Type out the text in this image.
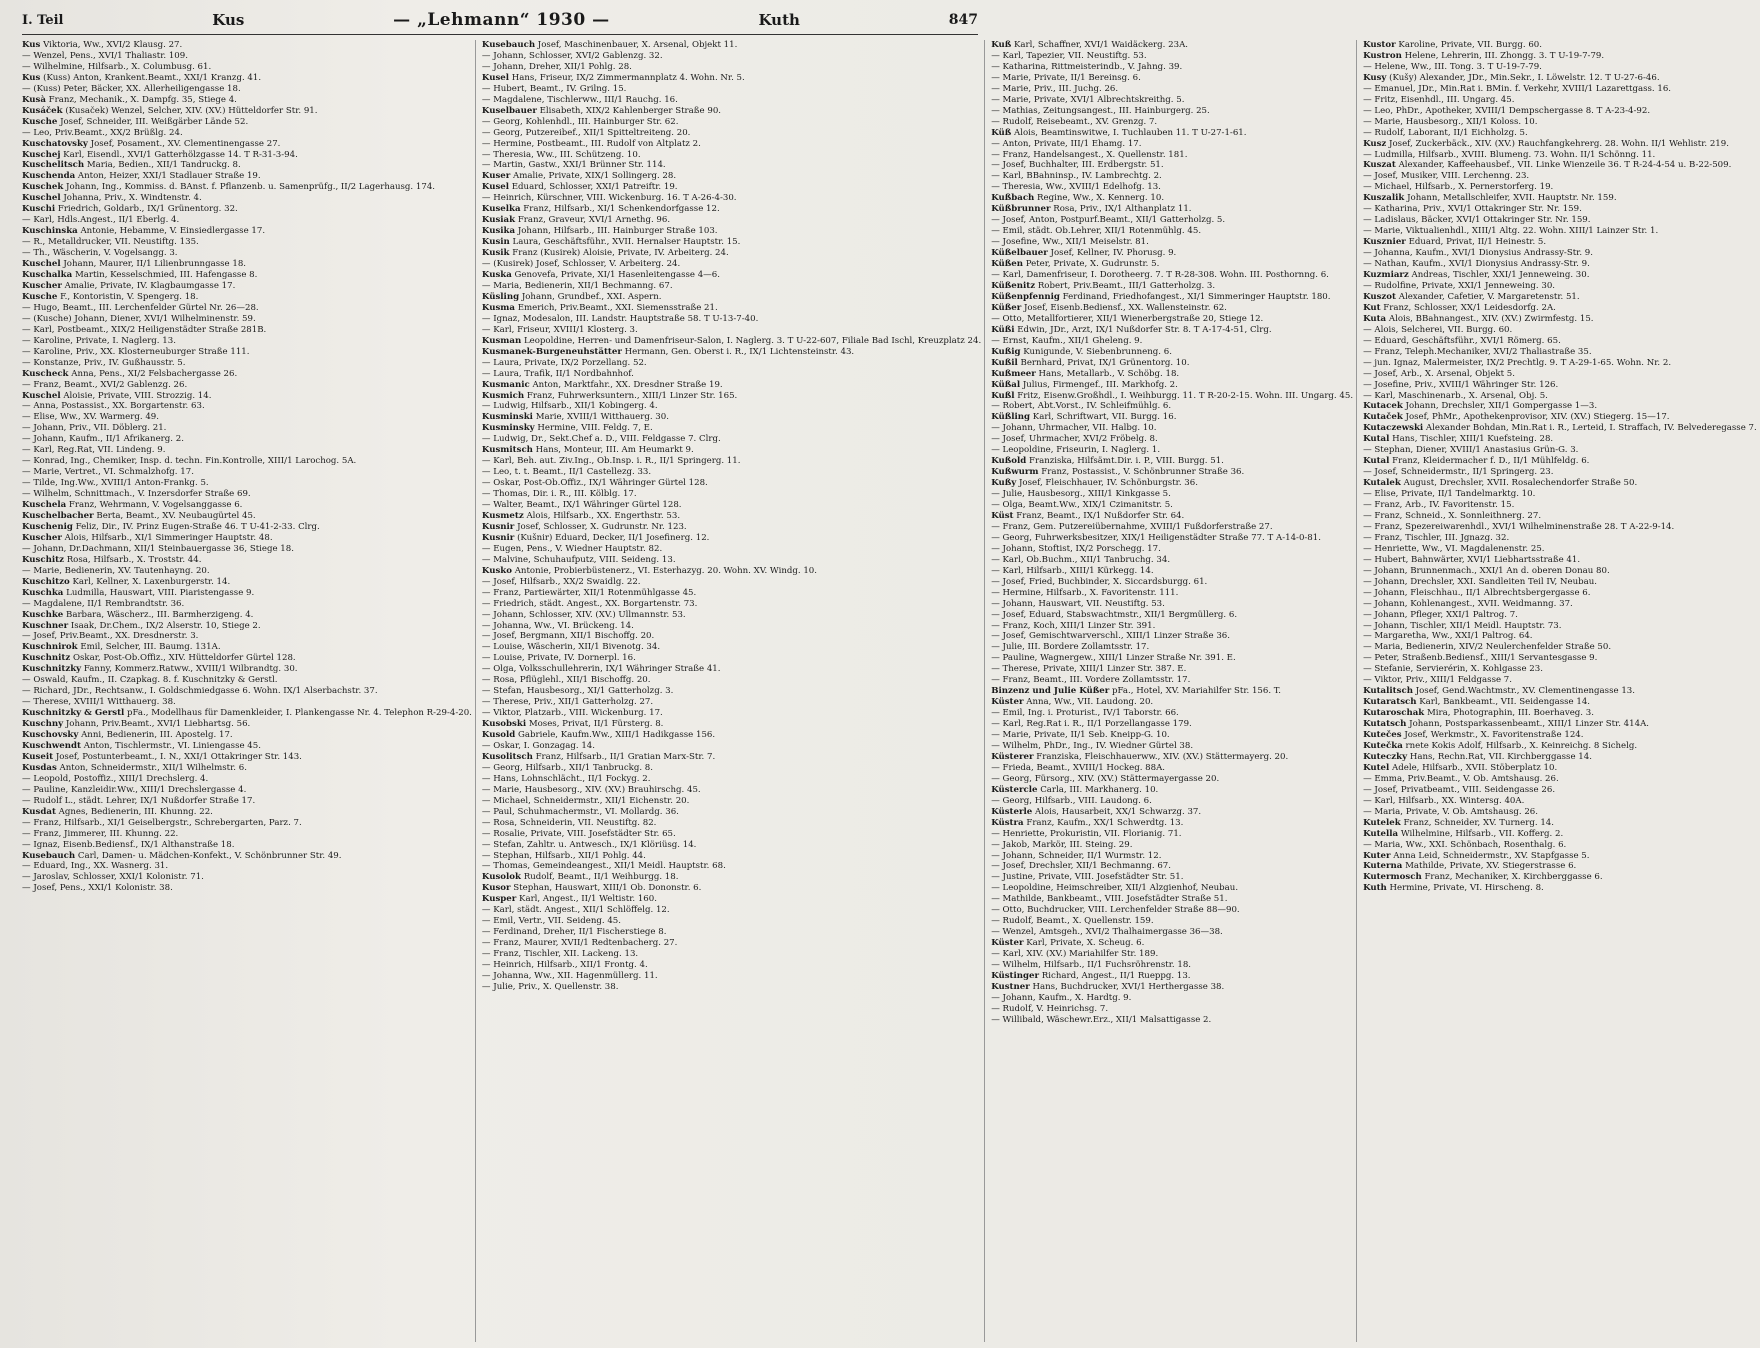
I. Teil	Kus	— „Lehmann“ 1930 —	Kuth	847
Kus Viktoria, Ww., XVI/2 Klausg. 27.
— Wenzel, Pens., XVI/1 Thaliastr. 109.
— Wilhelmine, Hilfsarb., X. Columbusg. 61.
Kus (Kuss) Anton, Krankent.Beamt., XXI/1 Kranzg. 41.
— (Kuss) Peter, Bäcker, XX. Allerheiligengasse 18.
Kusà Franz, Mechanik., X. Dampfg. 35, Stiege 4.
Kusáček (Kusaček) Wenzel, Selcher, XIV. (XV.) Hütteldorfer Str. 91.
Kusche Josef, Schneider, III. Weißgärber Lände 52.
— Leo, Priv.Beamt., XX/2 Brüßlg. 24.
Kuschatovsky Josef, Posament., XV. Clementinengasse 27.
Kuschej Karl, Eisendl., XVI/1 Gatterhölzgasse 14. T R-31-3-94.
Kuschelitsch Maria, Bedien., XII/1 Tandruckg. 8.
Kuschenda Anton, Heizer, XXI/1 Stadlauer Straße 19.
Kuschek Johann, Ing., Kommiss. d. BAnst. f. Pflanzenb. u. Samenprüfg., II/2 Lagerhausg. 174.
Kuschel Johanna, Priv., X. Windtenstr. 4.
Kuschi Friedrich, Goldarb., IX/1 Grünentorg. 32.
— Karl, Hdls.Angest., II/1 Eberlg. 4.
Kuschinska Antonie, Hebamme, V. Einsiedlergasse 17.
— R., Metalldrucker, VII. Neustiftg. 135.
— Th., Wäscherin, V. Vogelsangg. 3.
Kuschel Johann, Maurer, II/1 Lilienbrunngasse 18.
Kuschalka Martin, Kesselschmied, III. Hafengasse 8.
Kuscher Amalie, Private, IV. Klagbaumgasse 17.
Kusche F., Kontoristin, V. Spengerg. 18.
— Hugo, Beamt., III. Lerchenfelder Gürtel Nr. 26—28.
— (Kusche) Johann, Diener, XVI/1 Wilhelminenstr. 59.
— Karl, Postbeamt., XIX/2 Heiligenstädter Straße 281B.
— Karoline, Private, I. Naglerg. 13.
— Karoline, Priv., XX. Klosterneuburger Straße 111.
— Konstanze, Priv., IV. Gußhausstr. 5.
Kuscheck Anna, Pens., XI/2 Felsbachergasse 26.
— Franz, Beamt., XVI/2 Gablenzg. 26.
Kuschel Aloisie, Private, VIII. Strozzig. 14.
— Anna, Postassist., XX. Borgartenstr. 63.
— Elise, Ww., XV. Warmerg. 49.
— Johann, Priv., VII. Döblerg. 21.
— Johann, Kaufm., II/1 Afrikanerg. 2.
— Karl, Reg.Rat, VII. Lindeng. 9.
— Konrad, Ing., Chemiker, Insp. d. techn. Fin.Kontrolle, XIII/1 Larochog. 5A.
— Marie, Vertret., VI. Schmalzhofg. 17.
— Tilde, Ing.Ww., XVIII/1 Anton-Frankg. 5.
— Wilhelm, Schnittmach., V. Inzersdorfer Straße 69.
Kuschela Franz, Wehrmann, V. Vogelsanggasse 6.
Kuschelbacher Berta, Beamt., XV. Neubaugürtel 45.
Kuschenig Feliz, Dir., IV. Prinz Eugen-Straße 46. T U-41-2-33. Clrg.
Kuscher Alois, Hilfsarb., XI/1 Simmeringer Hauptstr. 48.
— Johann, Dr.Dachmann, XII/1 Steinbauergasse 36, Stiege 18.
Kuschitz Rosa, Hilfsarb., X. Troststr. 44.
— Marie, Bedienerin, XV. Tautenhayng. 20.
Kuschitzo Karl, Kellner, X. Laxenburgerstr. 14.
Kuschka Ludmilla, Hauswart, VIII. Piaristengasse 9.
— Magdalene, II/1 Rembrandtstr. 36.
Kuschke Barbara, Wäscherz., III. Barmherzigeng. 4.
Kuschner Isaak, Dr.Chem., IX/2 Alserstr. 10, Stiege 2.
— Josef, Priv.Beamt., XX. Dresdnerstr. 3.
Kuschnirok Emil, Selcher, III. Baumg. 131A.
Kuschnitz Oskar, Post-Ob.Offiz., XIV. Hütteldorfer Gürtel 128.
Kuschnitzky Fanny, Kommerz.Ratww., XVIII/1 Wilbrandtg. 30.
— Oswald, Kaufm., II. Czapkag. 8. f. Kuschnitzky & Gerstl.
— Richard, JDr., Rechtsanw., I. Goldschmiedgasse 6. Wohn. IX/1 Alserbachstr. 37.
— Therese, XVIII/1 Witthauerg. 38.
Kuschnitzky & Gerstl pFa., Modellhaus für Damenkleider, I. Plankengasse Nr. 4. Telephon R-29-4-20.
Kuschny Johann, Priv.Beamt., XVI/1 Liebhartsg. 56.
Kuschovsky Anni, Bedienerin, III. Apostelg. 17.
Kuschwendt Anton, Tischlermstr., VI. Liniengasse 45.
Kuseit Josef, Postunterbeamt., I. N., XXI/1 Ottakringer Str. 143.
Kusdas Anton, Schneidermstr., XII/1 Wilhelmstr. 6.
— Leopold, Postoffiz., XIII/1 Drechslerg. 4.
— Pauline, Kanzleidir.Ww., XIII/1 Drechslergasse 4.
— Rudolf L., städt. Lehrer, IX/1 Nußdorfer Straße 17.
Kusdat Agnes, Bedienerin, III. Khunng. 22.
— Franz, Hilfsarb., XI/1 Geiselbergstr., Schrebergarten, Parz. 7.
— Franz, Jimmerer, III. Khunng. 22.
— Ignaz, Eisenb.Bediensf., IX/1 Althanstraße 18.
Kusebauch Carl, Damen- u. Mädchen-Konfekt., V. Schönbrunner Str. 49.
— Eduard, Ing., XX. Wasnerg. 31.
— Jaroslav, Schlosser, XXI/1 Kolonistr. 71.
— Josef, Pens., XXI/1 Kolonistr. 38.
Kusebauch Josef, Maschinenbauer, X. Arsenal, Objekt 11.
— Johann, Schlosser, XVI/2 Gablenzg. 32.
— Johann, Dreher, XII/1 Pohlg. 28.
Kusel Hans, Friseur, IX/2 Zimmermannplatz 4. Wohn. Nr. 5.
— Hubert, Beamt., IV. Grilng. 15.
— Magdalene, Tischlerww., III/1 Rauchg. 16.
Kuselbauer Elisabeth, XIX/2 Kahlenberger Straße 90.
— Georg, Kohlenhdl., III. Hainburger Str. 62.
— Georg, Putzereibef., XII/1 Spitteltreiteng. 20.
— Hermine, Postbeamt., III. Rudolf von Altplatz 2.
— Theresia, Ww., III. Schützeng. 10.
— Martin, Gastw., XXI/1 Brünner Str. 114.
Kuser Amalie, Private, XIX/1 Sollingerg. 28.
Kusel Eduard, Schlosser, XXI/1 Patreiftr. 19.
— Heinrich, Kürschner, VIII. Wickenburg. 16. T A-26-4-30.
Kuselka Franz, Hilfsarb., XI/1 Schenkendorfgasse 12.
Kusiak Franz, Graveur, XVI/1 Arnethg. 96.
Kusika Johann, Hilfsarb., III. Hainburger Straße 103.
Kusin Laura, Geschäftsführ., XVII. Hernalser Hauptstr. 15.
Kusik Franz (Kusirek) Aloisie, Private, IV. Arbeiterg. 24.
— (Kusirek) Josef, Schlosser, V. Arbeiterg. 24.
Kuska Genovefa, Private, XI/1 Hasenleitengasse 4—6.
— Maria, Bedienerin, XII/1 Bechmanng. 67.
Küsling Johann, Grundbef., XXI. Aspern.
Kusma Emerich, Priv.Beamt., XXI. Siemensstraße 21.
— Ignaz, Modesalon, III. Landstr. Hauptstraße 58. T U-13-7-40.
— Karl, Friseur, XVIII/1 Klosterg. 3.
Kusman Leopoldine, Herren- und Damenfriseur-Salon, I. Naglerg. 3. T U-22-607, Filiale Bad Ischl, Kreuzplatz 24.
Kusmanek-Burgeneuhstätter Hermann, Gen. Oberst i. R., IX/1 Lichtensteinstr. 43.
— Laura, Private, IX/2 Porzellang. 52.
— Laura, Trafik, II/1 Nordbahnhof.
Kusmanic Anton, Marktfahr., XX. Dresdner Straße 19.
Kusmich Franz, Fuhrwerksuntern., XIII/1 Linzer Str. 165.
— Ludwig, Hilfsarb., XII/1 Kobingerg. 4.
Kusminski Marie, XVIII/1 Witthauerg. 30.
Kusminsky Hermine, VIII. Feldg. 7, E.
— Ludwig, Dr., Sekt.Chef a. D., VIII. Feldgasse 7. Clrg.
Kusmitsch Hans, Monteur, III. Am Heumarkt 9.
— Karl, Beh. aut. Ziv.Ing., Ob.Insp. i. R., II/1 Springerg. 11.
— Leo, t. t. Beamt., II/1 Castellezg. 33.
— Oskar, Post-Ob.Offiz., IX/1 Währinger Gürtel 128.
— Thomas, Dir. i. R., III. Kölblg. 17.
— Walter, Beamt., IX/1 Währinger Gürtel 128.
Kusmetz Alois, Hilfsarb., XX. Engerthstr. 53.
Kusnir Josef, Schlosser, X. Gudrunstr. Nr. 123.
Kusnir (Kušnir) Eduard, Decker, II/1 Josefinerg. 12.
— Eugen, Pens., V. Wiedner Hauptstr. 82.
— Malvine, Schuhaufputz, VIII. Seideng. 13.
Kusko Antonie, Probierbüstenerz., VI. Esterhazyg. 20. Wohn. XV. Windg. 10.
— Josef, Hilfsarb., XX/2 Swaidlg. 22.
— Franz, Partiewärter, XII/1 Rotenmühlgasse 45.
— Friedrich, städt. Angest., XX. Borgartenstr. 73.
— Johann, Schlosser, XIV. (XV.) Ullmannstr. 53.
— Johanna, Ww., VI. Brückeng. 14.
— Josef, Bergmann, XII/1 Bischoffg. 20.
— Louise, Wäscherin, XII/1 Bivenotg. 34.
— Louise, Private, IV. Dornerpl. 16.
— Olga, Volksschullehrerin, IX/1 Währinger Straße 41.
— Rosa, Pflüglehl., XII/1 Bischoffg. 20.
— Stefan, Hausbesorg., XI/1 Gatterholzg. 3.
— Therese, Priv., XII/1 Gatterholzg. 27.
— Viktor, Platzarb., VIII. Wickenburg. 17.
Kusobski Moses, Privat, II/1 Fürsterg. 8.
Kusold Gabriele, Kaufm.Ww., XIII/1 Hadikgasse 156.
— Oskar, I. Gonzagag. 14.
Kusolitsch Franz, Hilfsarb., II/1 Gratian Marx-Str. 7.
— Georg, Hilfsarb., XII/1 Tanbruckg. 8.
— Hans, Lohnschlächt., II/1 Fockyg. 2.
— Marie, Hausbesorg., XIV. (XV.) Brauhirschg. 45.
— Michael, Schneidermstr., XII/1 Eichenstr. 20.
— Paul, Schuhmachermstr., VI. Mollardg. 36.
— Rosa, Schneiderin, VII. Neustiftg. 82.
— Rosalie, Private, VIII. Josefstädter Str. 65.
— Stefan, Zahltr. u. Antwesch., IX/1 Klöriüsg. 14.
— Stephan, Hilfsarb., XII/1 Pohlg. 44.
— Thomas, Gemeindeangest., XII/1 Meidl. Hauptstr. 68.
Kusolok Rudolf, Beamt., II/1 Weihburgg. 18.
Kusor Stephan, Hauswart, XIII/1 Ob. Dononstr. 6.
Kusper Karl, Angest., II/1 Weltistr. 160.
— Karl, städt. Angest., XII/1 Schlöffelg. 12.
— Emil, Vertr., VII. Seideng. 45.
— Ferdinand, Dreher, II/1 Fischerstiege 8.
— Franz, Maurer, XVII/1 Redtenbacherg. 27.
— Franz, Tischler, XII. Lackeng. 13.
— Heinrich, Hilfsarb., XII/1 Frontg. 4.
— Johanna, Ww., XII. Hagenmüllerg. 11.
— Julie, Priv., X. Quellenstr. 38.
Kuß Karl, Schaffner, XVI/1 Waidäckerg. 23A.
— Karl, Tapezier, VII. Neustiftg. 53.
— Katharina, Rittmeisterindb., V. Jahng. 39.
— Marie, Private, II/1 Bereinsg. 6.
— Marie, Priv., III. Juchg. 26.
— Marie, Private, XVI/1 Albrechtskreithg. 5.
— Mathias, Zeitungsangest., III. Hainburgerg. 25.
— Rudolf, Reisebeamt., XV. Grenzg. 7.
Küß Alois, Beamtinswitwe, I. Tuchlauben 11. T U-27-1-61.
— Anton, Private, III/1 Ehamg. 17.
— Franz, Handelsangest., X. Quellenstr. 181.
— Josef, Buchhalter, III. Erdbergstr. 51.
— Karl, BBahninsp., IV. Lambrechtg. 2.
— Theresia, Ww., XVIII/1 Edelhofg. 13.
Kußbach Regine, Ww., X. Kennerg. 10.
Küßbrunner Rosa, Priv., IX/1 Althanplatz 11.
— Josef, Anton, Postpurf.Beamt., XII/1 Gatterholzg. 5.
— Emil, städt. Ob.Lehrer, XII/1 Rotenmühlg. 45.
— Josefine, Ww., XII/1 Meiselstr. 81.
Küßelbauer Josef, Kellner, IV. Phorusg. 9.
Küßen Peter, Private, X. Gudrunstr. 5.
— Karl, Damenfriseur, I. Dorotheerg. 7. T R-28-308. Wohn. III. Posthornng. 6.
Küßenitz Robert, Priv.Beamt., III/1 Gatterholzg. 3.
Küßenpfennig Ferdinand, Friedhofangest., XI/1 Simmeringer Hauptstr. 180.
Küßer Josef, Eisenb.Bediensf., XX. Wallensteinstr. 62.
— Otto, Metallfortierer, XII/1 Wienerbergstraße 20, Stiege 12.
Küßi Edwin, JDr., Arzt, IX/1 Nußdorfer Str. 8. T A-17-4-51, Clrg.
— Ernst, Kaufm., XII/1 Gheleng. 9.
Kußig Kunigunde, V. Siebenbrunneng. 6.
Kußil Bernhard, Privat, IX/1 Grünentorg. 10.
Kußmeer Hans, Metallarb., V. Schöbg. 18.
Küßal Julius, Firmengef., III. Markhofg. 2.
Kußl Fritz, Eisenw.Großhdl., I. Weihburgg. 11. T R-20-2-15. Wohn. III. Ungarg. 45.
— Robert, Abt.Vorst., IV. Schleifmühlg. 6.
Küßling Karl, Schriftwart, VII. Burgg. 16.
— Johann, Uhrmacher, VII. Halbg. 10.
— Josef, Uhrmacher, XVI/2 Fröbelg. 8.
— Leopoldine, Friseurin, I. Naglerg. 1.
Kußold Franziska, Hilfsämt.Dir. i. P., VIII. Burgg. 51.
Kußwurm Franz, Postassist., V. Schönbrunner Straße 36.
Kußy Josef, Fleischhauer, IV. Schönburgstr. 36.
— Julie, Hausbesorg., XIII/1 Kinkgasse 5.
— Olga, Beamt.Ww., XIX/1 Czimanitstr. 5.
Küst Franz, Beamt., IX/1 Nußdorfer Str. 64.
— Franz, Gem. Putzereiübernahme, XVIII/1 Fußdorferstraße 27.
— Georg, Fuhrwerksbesitzer, XIX/1 Heiligenstädter Straße 77. T A-14-0-81.
— Johann, Stoftist, IX/2 Porschegg. 17.
— Karl, Ob.Buchm., XII/1 Tanbruchg. 34.
— Karl, Hilfsarb., XIII/1 Kürkegg. 14.
— Josef, Fried, Buchbinder, X. Siccardsburgg. 61.
— Hermine, Hilfsarb., X. Favoritenstr. 111.
— Johann, Hauswart, VII. Neustiftg. 53.
— Josef, Eduard, Stabswachtmstr., XII/1 Bergmüllerg. 6.
— Franz, Koch, XIII/1 Linzer Str. 391.
— Josef, Gemischtwarverschl., XIII/1 Linzer Straße 36.
— Julie, III. Bordere Zollamtsstr. 17.
— Pauline, Wagnergew., XIII/1 Linzer Straße Nr. 391. E.
— Therese, Private, XIII/1 Linzer Str. 387. E.
— Franz, Beamt., III. Vordere Zollamtsstr. 17.
Binzenz und Julie Küßer pFa., Hotel, XV. Mariahilfer Str. 156. T.
Küster Anna, Ww., VII. Laudong. 20.
— Emil, Ing. i. Proturist., IV/1 Taborstr. 66.
— Karl, Reg.Rat i. R., II/1 Porzellangasse 179.
— Marie, Private, II/1 Seb. Kneipp-G. 10.
— Wilhelm, PhDr., Ing., IV. Wiedner Gürtel 38.
Küsterer Franziska, Fleischhauerww., XIV. (XV.) Stättermayerg. 20.
— Frieda, Beamt., XVIII/1 Hockeg. 88A.
— Georg, Fürsorg., XIV. (XV.) Stättermayergasse 20.
Küstercle Carla, III. Markhanerg. 10.
— Georg, Hilfsarb., VIII. Laudong. 6.
Küsterle Alois, Hausarbeit, XX/1 Schwarzg. 37.
Küstra Franz, Kaufm., XX/1 Schwerdtg. 13.
— Henriette, Prokuristin, VII. Florianig. 71.
— Jakob, Markör, III. Steing. 29.
— Johann, Schneider, II/1 Wurmstr. 12.
— Josef, Drechsler, XII/1 Bechmanng. 67.
— Justine, Private, VIII. Josefstädter Str. 51.
— Leopoldine, Heimschreiber, XII/1 Alzgienhof, Neubau.
— Mathilde, Bankbeamt., VIII. Josefstädter Straße 51.
— Otto, Buchdrucker, VIII. Lerchenfelder Straße 88—90.
— Rudolf, Beamt., X. Quellenstr. 159.
— Wenzel, Amtsgeh., XVI/2 Thalhaimergasse 36—38.
Küster Karl, Private, X. Scheug. 6.
— Karl, XIV. (XV.) Mariahilfer Str. 189.
— Wilhelm, Hilfsarb., II/1 Fuchsröhrenstr. 18.
Küstinger Richard, Angest., II/1 Rueppg. 13.
Kustner Hans, Buchdrucker, XVI/1 Herthergasse 38.
— Johann, Kaufm., X. Hardtg. 9.
— Rudolf, V. Heinrichsg. 7.
— Willibald, Wäschewr.Erz., XII/1 Malsattigasse 2.
Kustor Karoline, Private, VII. Burgg. 60.
Kustron Helene, Lehrerin, III. Zhongg. 3. T U-19-7-79.
— Helene, Ww., III. Tong. 3. T U-19-7-79.
Kusy (Kušy) Alexander, JDr., Min.Sekr., I. Löwelstr. 12. T U-27-6-46.
— Emanuel, JDr., Min.Rat i. BMin. f. Verkehr, XVIII/1 Lazarettgass. 16.
— Fritz, Eisenhdl., III. Ungarg. 45.
— Leo, PhDr., Apotheker, XVIII/1 Dempschergasse 8. T A-23-4-92.
— Marie, Hausbesorg., XII/1 Koloss. 10.
— Rudolf, Laborant, II/1 Eichholzg. 5.
Kusz Josef, Zuckerbäck., XIV. (XV.) Rauchfangkehrerg. 28. Wohn. II/1 Wehlistr. 219.
— Ludmilla, Hilfsarb., XVIII. Blumeng. 73. Wohn. II/1 Schönng. 11.
Kuszat Alexander, Kaffeehausbef., VII. Linke Wienzeile 36. T R-24-4-54 u. B-22-509.
— Josef, Musiker, VIII. Lerchenng. 23.
— Michael, Hilfsarb., X. Pernerstorferg. 19.
Kuszalik Johann, Metallschleifer, XVII. Hauptstr. Nr. 159.
— Katharina, Priv., XVI/1 Ottakringer Str. Nr. 159.
— Ladislaus, Bäcker, XVI/1 Ottakringer Str. Nr. 159.
— Marie, Viktualienhdl., XIII/1 Altg. 22. Wohn. XIII/1 Lainzer Str. 1.
Kusznier Eduard, Privat, II/1 Heinestr. 5.
— Johanna, Kaufm., XVI/1 Dionysius Andrassy-Str. 9.
— Nathan, Kaufm., XVI/1 Dionysius Andrassy-Str. 9.
Kuzmiarz Andreas, Tischler, XXI/1 Jenneweing. 30.
— Rudolfine, Private, XXI/1 Jenneweing. 30.
Kuszot Alexander, Cafetier, V. Margaretenstr. 51.
Kut Franz, Schlosser, XX/1 Leidesdorfg. 2A.
Kuta Alois, BBahnangest., XIV. (XV.) Zwirmfestg. 15.
— Alois, Selcherei, VII. Burgg. 60.
— Eduard, Geschäftsführ., XVI/1 Römerg. 65.
— Franz, Teleph.Mechaniker, XVI/2 Thaliastraße 35.
— jun. Ignaz, Malermeister, IX/2 Prechtlg. 9. T A-29-1-65. Wohn. Nr. 2.
— Josef, Arb., X. Arsenal, Objekt 5.
— Josefine, Priv., XVIII/1 Währinger Str. 126.
— Karl, Maschinenarb., X. Arsenal, Obj. 5.
Kutacek Johann, Drechsler, XII/1 Gompergasse 1—3.
Kutaček Josef, PhMr., Apothekenprovisor, XIV. (XV.) Stiegerg. 15—17.
Kutaczewski Alexander Bohdan, Min.Rat i. R., Lerteid, I. Straffach, IV. Belvederegasse 7.
Kutal Hans, Tischler, XIII/1 Kuefsteing. 28.
— Stephan, Diener, XVIII/1 Anastasius Grün-G. 3.
Kutal Franz, Kleidermacher f. D., II/1 Mühlfeldg. 6.
— Josef, Schneidermstr., II/1 Springerg. 23.
Kutalek August, Drechsler, XVII. Rosalechendorfer Straße 50.
— Elise, Private, II/1 Tandelmarktg. 10.
— Franz, Arb., IV. Favoritenstr. 15.
— Franz, Schneid., X. Sonnleithnerg. 27.
— Franz, Spezereiwarenhdl., XVI/1 Wilhelminenstraße 28. T A-22-9-14.
— Franz, Tischler, III. Jgnazg. 32.
— Henriette, Ww., VI. Magdalenenstr. 25.
— Hubert, Bahnwärter, XVI/1 Liebhartsstraße 41.
— Johann, Brunnenmach., XXI/1 An d. oberen Donau 80.
— Johann, Drechsler, XXI. Sandleiten Teil IV, Neubau.
— Johann, Fleischhau., II/1 Albrechtsbergergasse 6.
— Johann, Kohlenangest., XVII. Weidmanng. 37.
— Johann, Pfleger, XXI/1 Paltrog. 7.
— Johann, Tischler, XII/1 Meidl. Hauptstr. 73.
— Margaretha, Ww., XXI/1 Paltrog. 64.
— Maria, Bedienerin, XIV/2 Neulerchenfelder Straße 50.
— Peter, Straßenb.Bediensf., XIII/1 Servantesgasse 9.
— Stefanie, Servierérin, X. Kohlgasse 23.
— Viktor, Priv., XIII/1 Feldgasse 7.
Kutalitsch Josef, Gend.Wachtmstr., XV. Clementinengasse 13.
Kutaratsch Karl, Bankbeamt., VII. Seidengasse 14.
Kutaroschak Mira, Photographin, III. Boerhaveg. 3.
Kutatsch Johann, Postsparkassenbeamt., XIII/1 Linzer Str. 414A.
Kutečes Josef, Werkmstr., X. Favoritenstraße 124.
Kutečka rnete Kokis Adolf, Hilfsarb., X. Keinreichg. 8 Sichelg.
Kuteczky Hans, Rechn.Rat, VII. Kirchberggasse 14.
Kutel Adele, Hilfsarb., XVII. Stöberplatz 10.
— Emma, Priv.Beamt., V. Ob. Amtshausg. 26.
— Josef, Privatbeamt., VIII. Seidengasse 26.
— Karl, Hilfsarb., XX. Wintersg. 40A.
— Maria, Private, V. Ob. Amtshausg. 26.
Kutelek Franz, Schneider, XV. Turnerg. 14.
Kutella Wilhelmine, Hilfsarb., VII. Kofferg. 2.
— Maria, Ww., XXI. Schönbach, Rosenthalg. 6.
Kuter Anna Leid, Schneidermstr., XV. Stapfgasse 5.
Kuterna Mathilde, Private, XV. Stiegerstrasse 6.
Kutermosch Franz, Mechaniker, X. Kirchberggasse 6.
Kuth Hermine, Private, VI. Hirscheng. 8.
